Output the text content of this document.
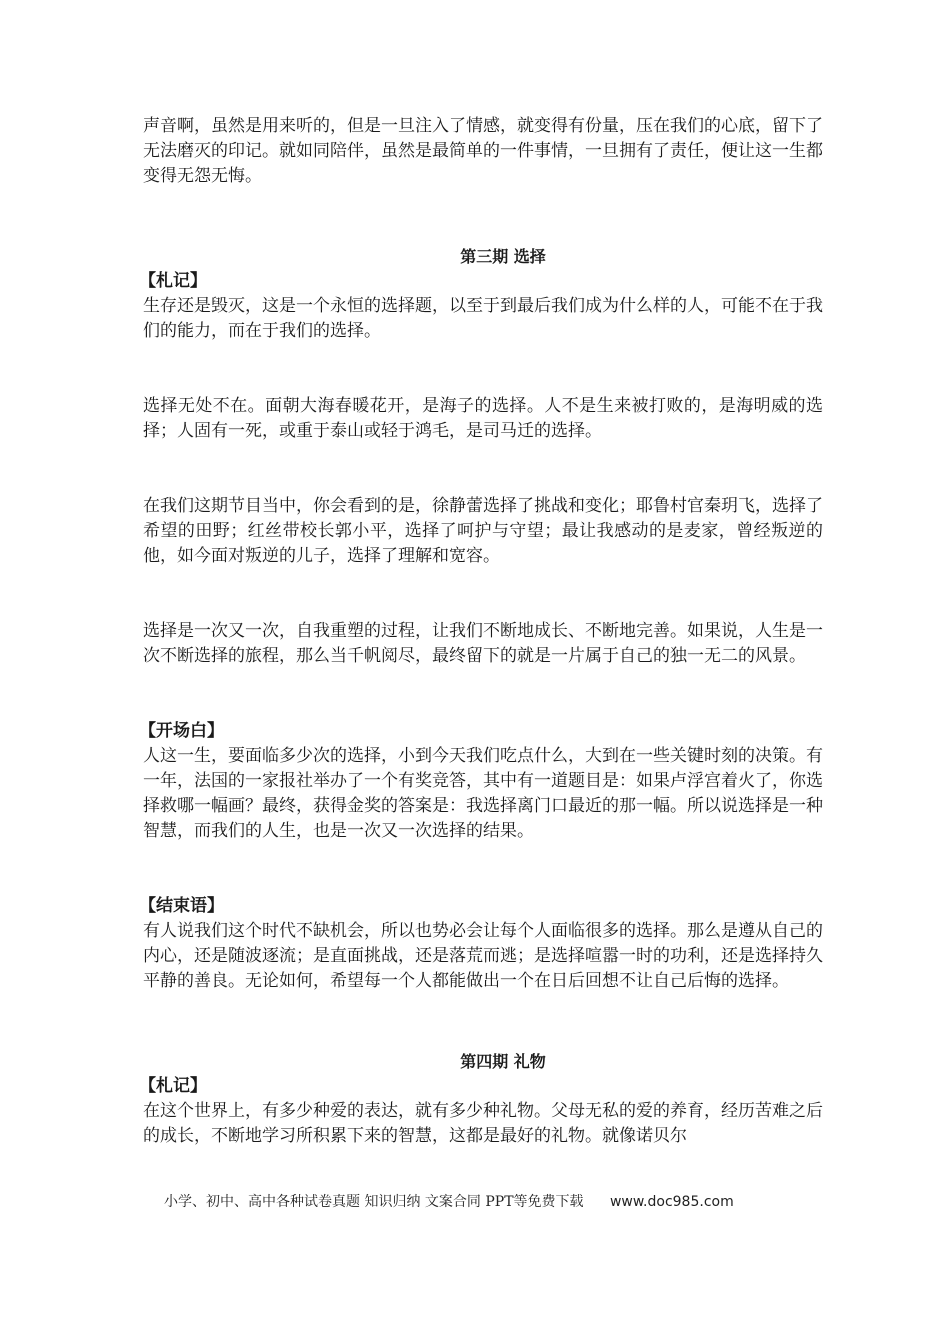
声音啊，虽然是用来听的，但是一旦注入了情感，就变得有份量，压在我们的心底，留下了无法磨灭的印记。就如同陪伴，虽然是最简单的一件事情，一旦拥有了责任，便让这一生都变得无怨无悔。

第三期 选择
【札记】

生存还是毁灭，这是一个永恒的选择题，以至于到最后我们成为什么样的人，可能不在于我们的能力，而在于我们的选择。

选择无处不在。面朝大海春暖花开，是海子的选择。人不是生来被打败的，是海明威的选择；人固有一死，或重于泰山或轻于鸿毛，是司马迁的选择。

在我们这期节目当中，你会看到的是，徐静蕾选择了挑战和变化；耶鲁村官秦玥飞，选择了希望的田野；红丝带校长郭小平，选择了呵护与守望；最让我感动的是麦家，曾经叛逆的他，如今面对叛逆的儿子，选择了理解和宽容。

选择是一次又一次，自我重塑的过程，让我们不断地成长、不断地完善。如果说，人生是一次不断选择的旅程，那么当千帆阅尽，最终留下的就是一片属于自己的独一无二的风景。

【开场白】

人这一生，要面临多少次的选择，小到今天我们吃点什么，大到在一些关键时刻的决策。有一年，法国的一家报社举办了一个有奖竞答，其中有一道题目是：如果卢浮宫着火了，你选择救哪一幅画？最终，获得金奖的答案是：我选择离门口最近的那一幅。所以说选择是一种智慧，而我们的人生，也是一次又一次选择的结果。

【结束语】

有人说我们这个时代不缺机会，所以也势必会让每个人面临很多的选择。那么是遵从自己的内心，还是随波逐流；是直面挑战，还是落荒而逃；是选择喧嚣一时的功利，还是选择持久平静的善良。无论如何，希望每一个人都能做出一个在日后回想不让自己后悔的选择。

第四期 礼物
【札记】

在这个世界上，有多少种爱的表达，就有多少种礼物。父母无私的爱的养育，经历苦难之后的成长，不断地学习所积累下来的智慧，这都是最好的礼物。就像诺贝尔

小学、初中、高中各种试卷真题 知识归纳 文案合同 PPT等免费下载 www.doc985.com
